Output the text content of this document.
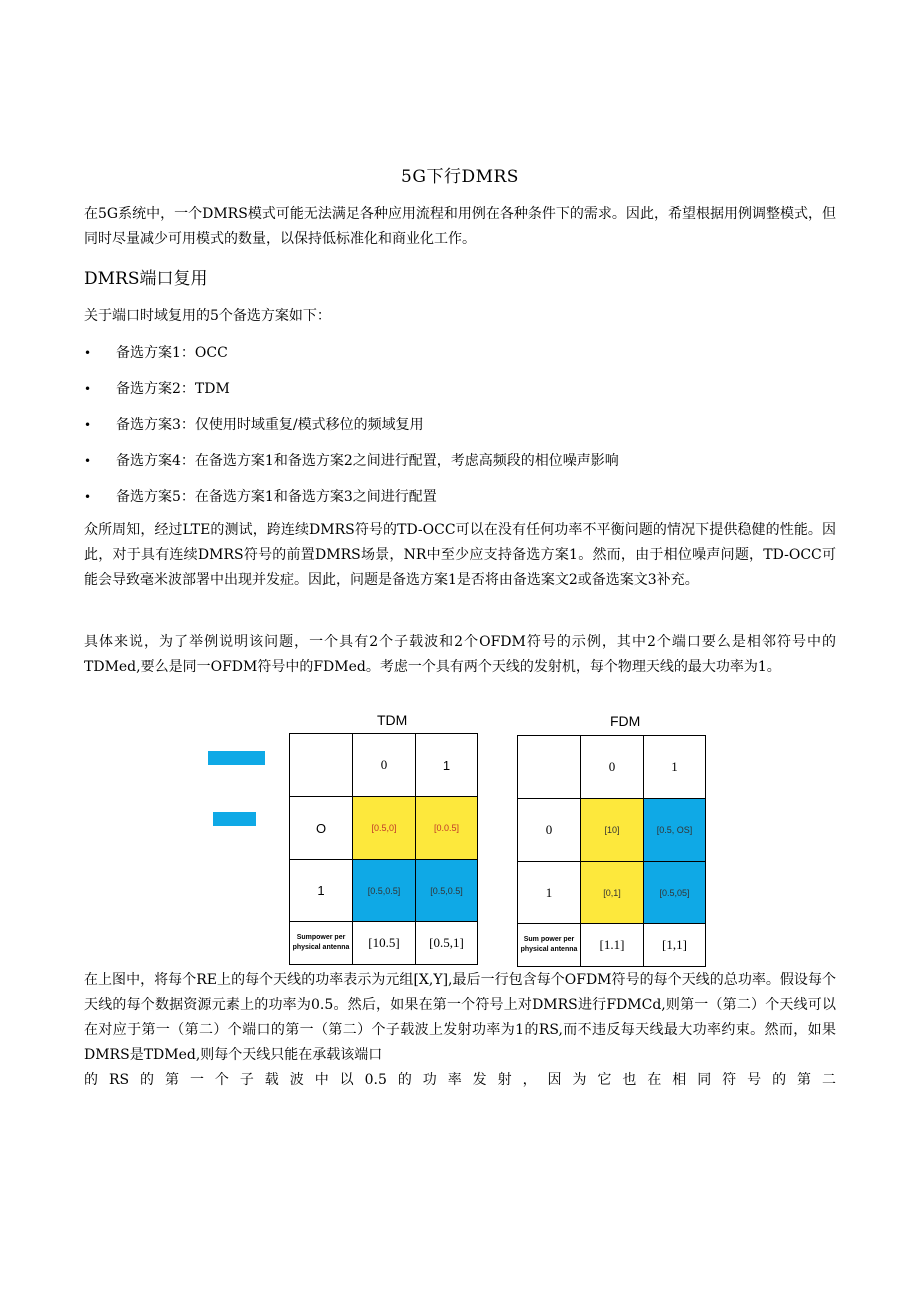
5G下行DMRS

在5G系统中，一个DMRS模式可能无法满足各种应用流程和用例在各种条件下的需求。因此，希望根据用例调整模式，但同时尽量减少可用模式的数量，以保持低标准化和商业化工作。

DMRS端口复用

关于端口时域复用的5个备选方案如下：

• 备选方案1：OCC
• 备选方案2：TDM
• 备选方案3：仅使用时域重复/模式移位的频域复用
• 备选方案4：在备选方案1和备选方案2之间进行配置，考虑高频段的相位噪声影响
• 备选方案5：在备选方案1和备选方案3之间进行配置

众所周知，经过LTE的测试，跨连续DMRS符号的TD-OCC可以在没有任何功率不平衡问题的情况下提供稳健的性能。因此，对于具有连续DMRS符号的前置DMRS场景，NR中至少应支持备选方案1。然而，由于相位噪声问题，TD-OCC可能会导致毫米波部署中出现并发症。因此，问题是备选方案1是否将由备选案文2或备选案文3补充。

具体来说，为了举例说明该问题，一个具有2个子载波和2个OFDM符号的示例，其中2个端口要么是相邻符号中的TDMed,要么是同一OFDM符号中的FDMed。考虑一个具有两个天线的发射机，每个物理天线的最大功率为1。

TDM	FDM
	0	1
O	[0.5,0]	[0.0.5]
1	[0.5,0.5]	[0.5,0.5]
Sumpower per
physical antenna	[10.5]	[0.5,1]
	0	1
0	[10]	[0.5, OS]
1	[0,1]	[0.5,05]
Sum power per
physical antenna	[1.1]	[1,1]
在上图中，将每个RE上的每个天线的功率表示为元组[X,Y],最后一行包含每个OFDM符号的每个天线的总功率。假设每个天线的每个数据资源元素上的功率为0.5。然后，如果在第一个符号上对DMRS进行FDMCd,则第一（第二）个天线可以在对应于第一（第二）个端口的第一（第二）个子载波上发射功率为1的RS,而不违反每天线最大功率约束。然而，如果DMRS是TDMed,则每个天线只能在承载该端口
的RS的第一个子载波中以0.5的功率发射，因为它也在相同符号的第二
